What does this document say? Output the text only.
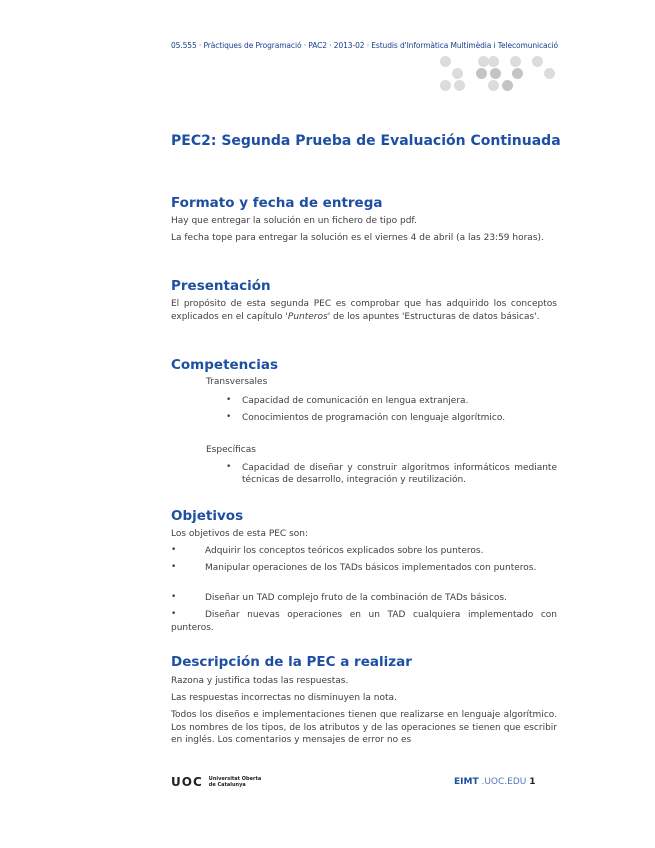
05.555 · Pràctiques de Programació · PAC2 · 2013-02 · Estudis d'Informàtica Multimèdia i Telecomunicació
PEC2: Segunda Prueba de Evaluación Continuada
Formato y fecha de entrega
Hay que entregar la solución en un fichero de tipo pdf.
La fecha tope para entregar la solución es el viernes 4 de abril (a las 23:59 horas).
Presentación
El propósito de esta segunda PEC es comprobar que has adquirido los conceptos explicados en el capítulo 'Punteros' de los apuntes 'Estructuras de datos básicas'.
Competencias
Transversales
• Capacidad de comunicación en lengua extranjera.
• Conocimientos de programación con lenguaje algorítmico.
Específicas
• Capacidad de diseñar y construir algoritmos informáticos mediante técnicas de desarrollo, integración y reutilización.
Objetivos
Los objetivos de esta PEC son:
•	Adquirir los conceptos teóricos explicados sobre los punteros.
•	Manipular operaciones de los TADs básicos implementados con punteros.
•	Diseñar un TAD complejo fruto de la combinación de TADs básicos.
•	Diseñar nuevas operaciones en un TAD cualquiera implementado con punteros.
Descripción de la PEC a realizar
Razona y justifica todas las respuestas.
Las respuestas incorrectas no disminuyen la nota.
Todos los diseños e implementaciones tienen que realizarse en lenguaje algorítmico. Los nombres de los tipos, de los atributos y de las operaciones se tienen que escribir en inglés. Los comentarios y mensajes de error no es
UOC Universitat Oberta
de Catalunya	EIMT .UOC.EDU 1
